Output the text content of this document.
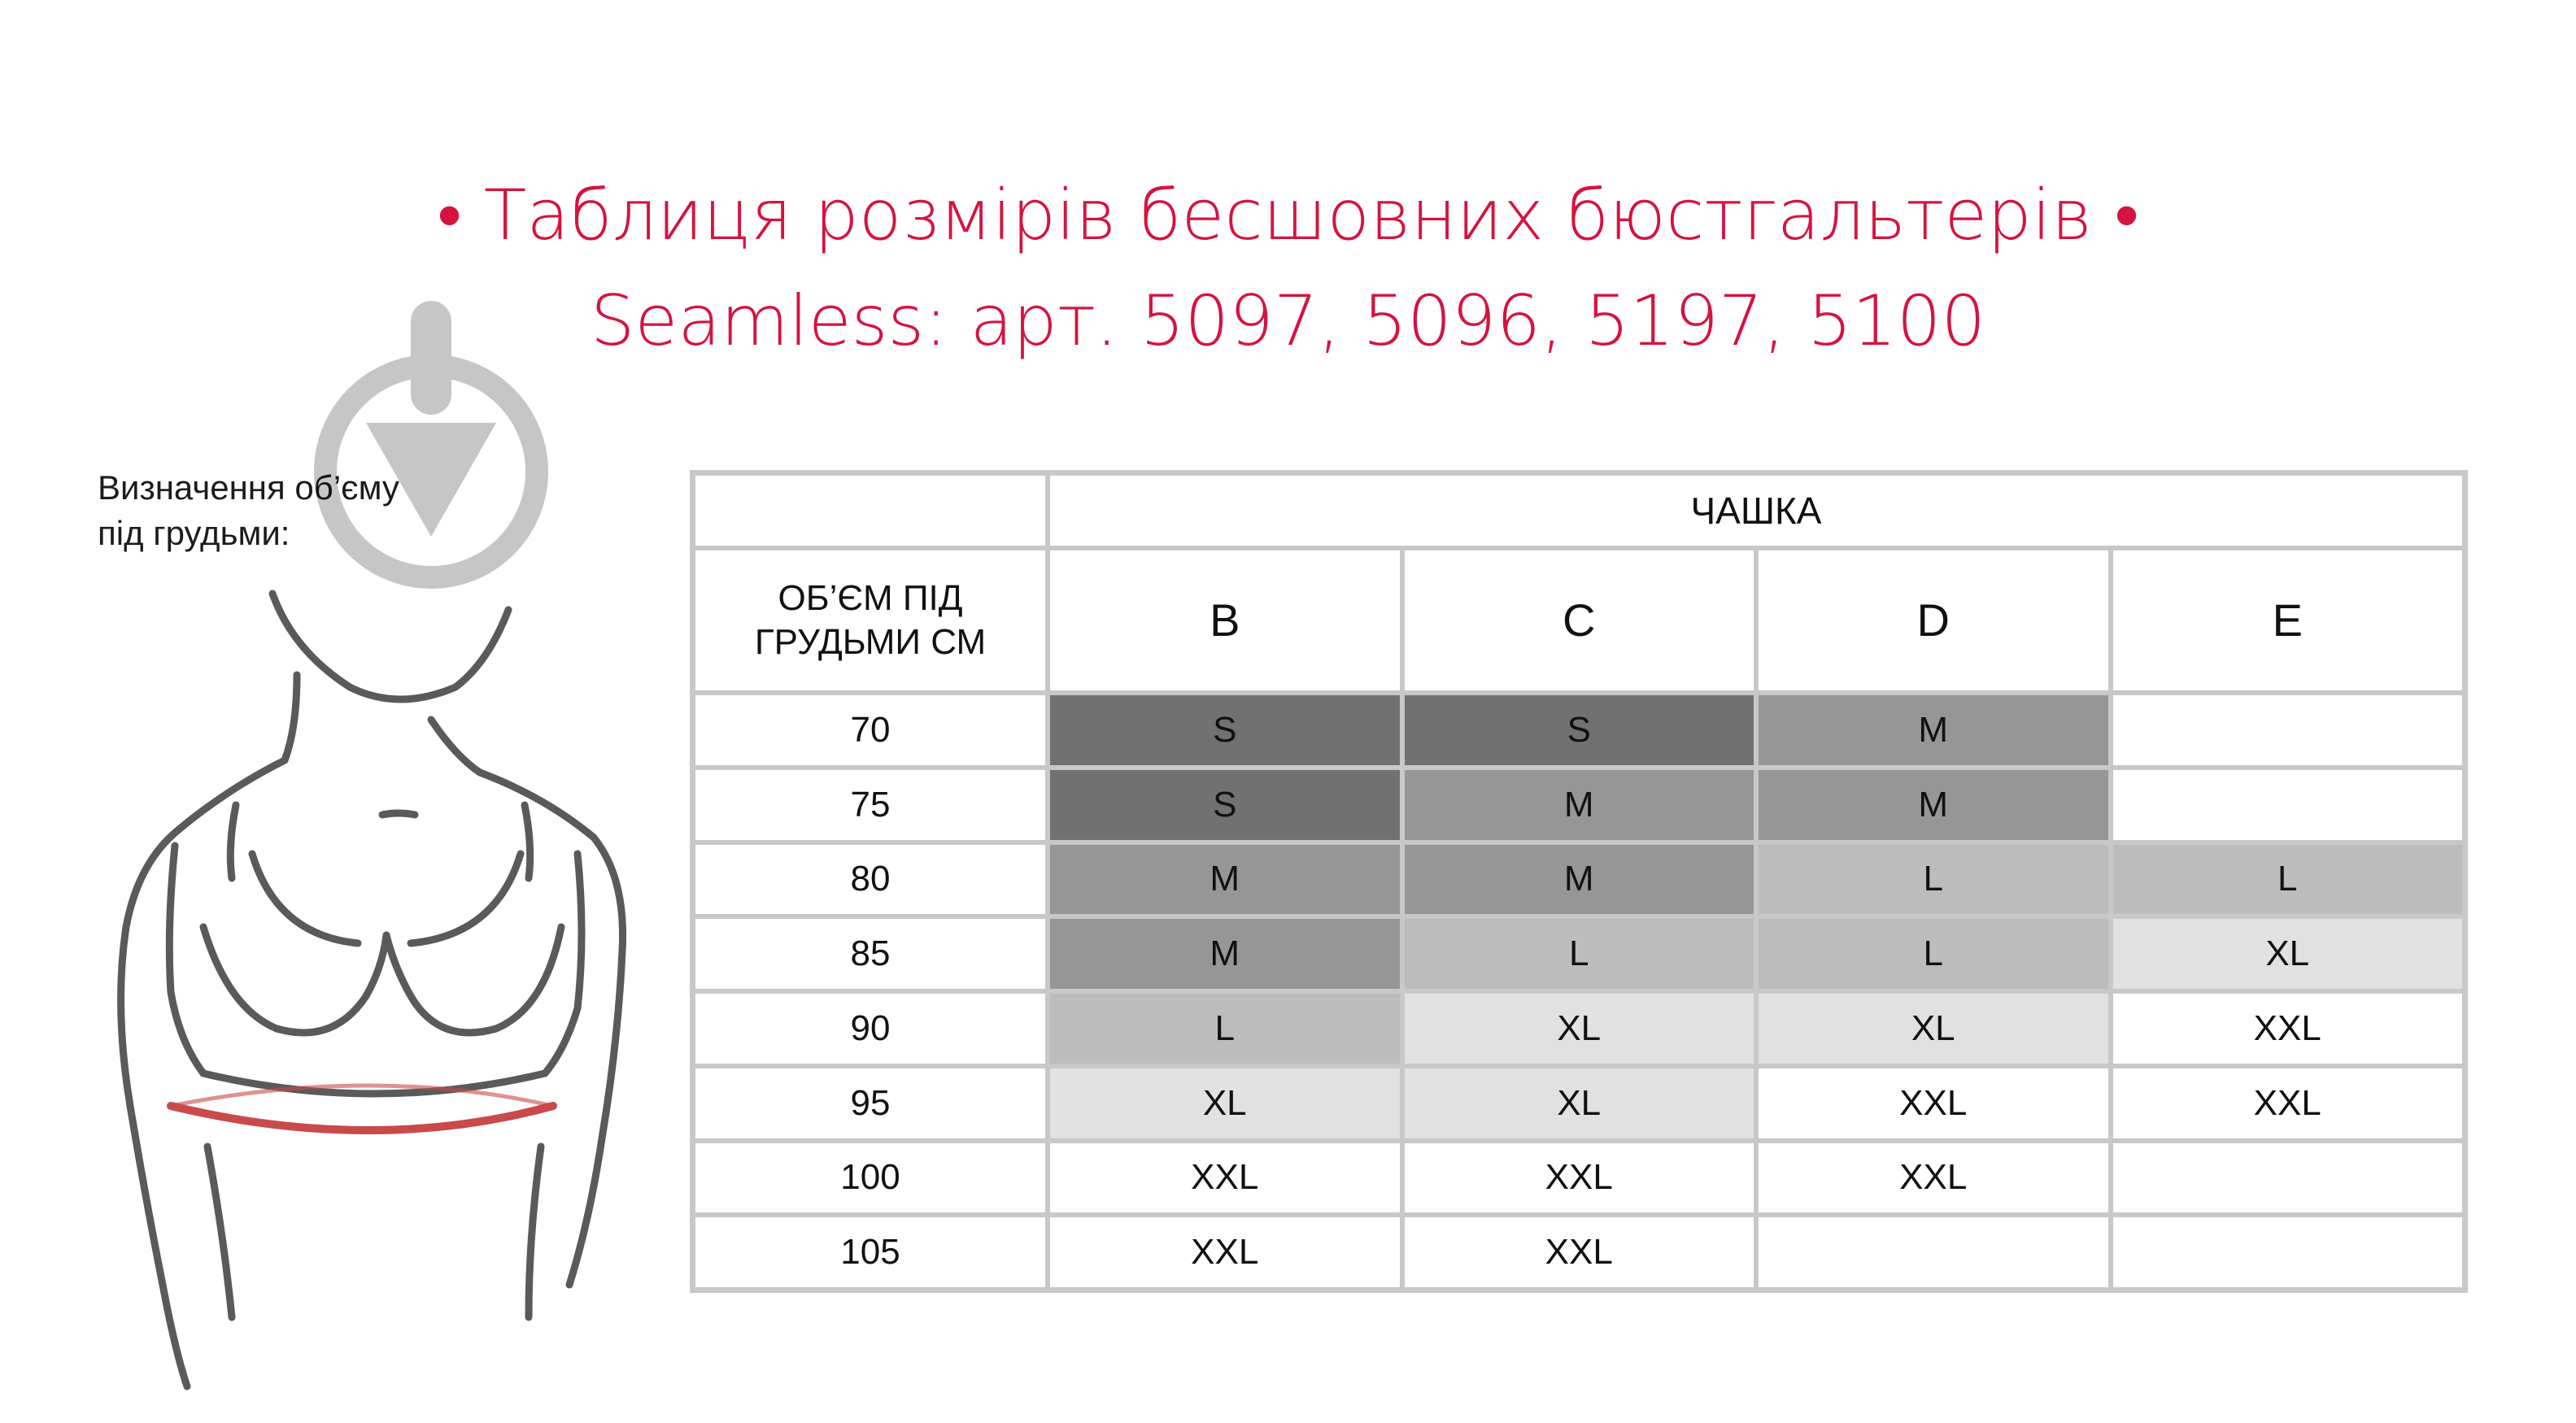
• Таблиця розмірів бесшовних бюстгальтерів •
Seamless: арт. 5097, 5096, 5197, 5100
Визначення об’єму
під грудьми:
ЧАШКА
ОБ’ЄМ ПІД ГРУДЬМИ СМ	B	C	D	E
70	S	S	M
75	S	M	M
80	M	M	L	L
85	M	L	L	XL
90	L	XL	XL	XXL
95	XL	XL	XXL	XXL
100	XXL	XXL	XXL
105	XXL	XXL
